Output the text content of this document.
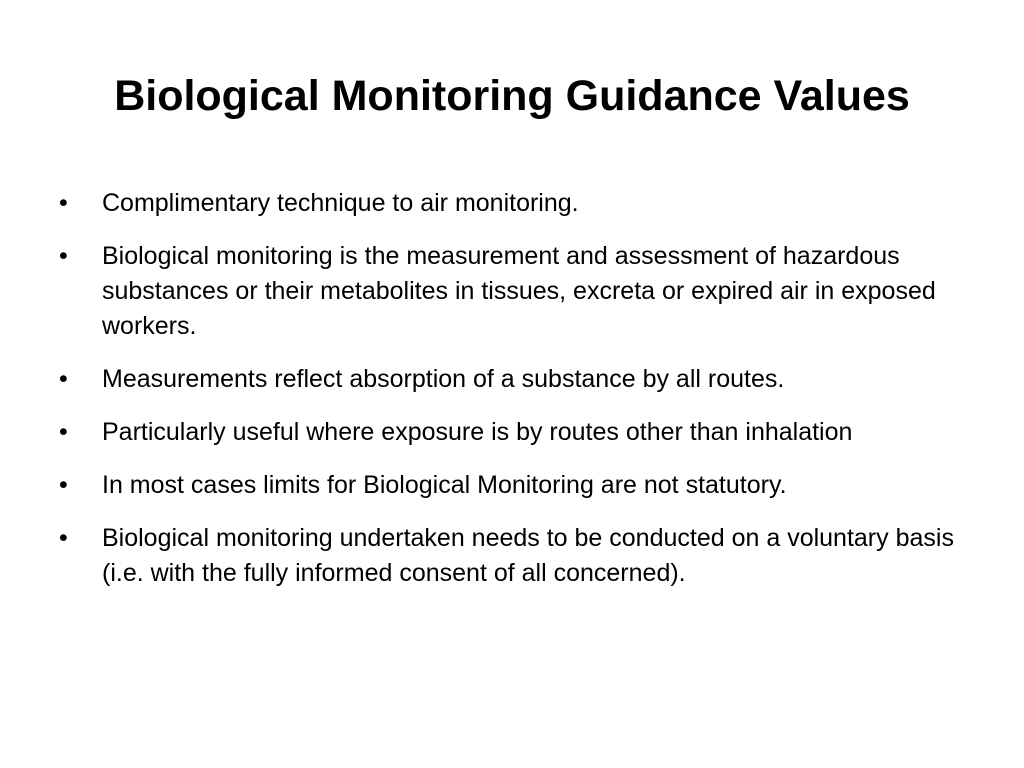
Biological Monitoring Guidance Values
•	Complimentary technique to air monitoring.
•	Biological monitoring is the measurement and assessment of hazardous substances or their metabolites in tissues, excreta or expired air in exposed workers.
•	Measurements reflect absorption of a substance by all routes.
•	Particularly useful where exposure is by routes other than inhalation
•	In most cases limits for Biological Monitoring are not statutory.
•	Biological monitoring undertaken needs to be conducted on a voluntary basis (i.e. with the fully informed consent of all concerned).
